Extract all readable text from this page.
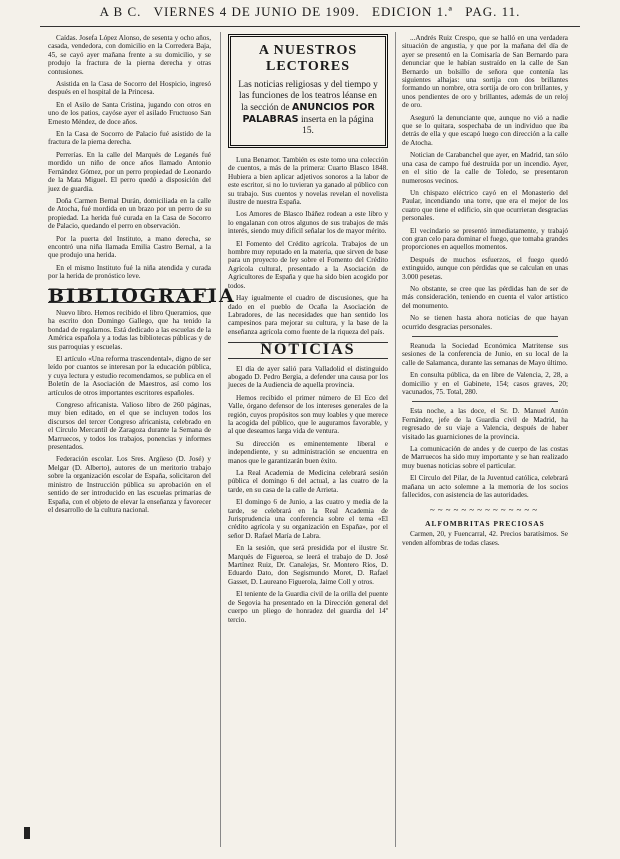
A B C. VIERNES 4 DE JUNIO DE 1909. EDICION 1.ª PAG. 11.

Caídas. Josefa López Alonso, de sesenta y ocho años, casada, vendedora, con domicilio en la Corredera Baja, 45, se cayó ayer mañana frente a su domicilio, y se produjo la fractura de la pierna derecha y otras contusiones.

Asistida en la Casa de Socorro del Hospicio, ingresó después en el hospital de la Princesa.

En el Asilo de Santa Cristina, jugando con otros en uno de los patios, cayóse ayer el asilado Fructuoso San Ernesto Méndez, de doce años.

En la Casa de Socorro de Palacio fué asistido de la fractura de la pierna derecha.

Perrerías. En la calle del Marqués de Leganés fué mordido un niño de once años llamado Antonio Fernández Gómez, por un perro propiedad de Leonardo de la Mata Miguel. El perro quedó a disposición del juez de guardia.

Doña Carmen Bernal Durán, domiciliada en la calle de Atocha, fué mordida en un brazo por un perro de su propiedad. La herida fué curada en la Casa de Socorro de Palacio, quedando el perro en observación.

Por la puerta del Instituto, a mano derecha, se encontró una niña llamada Emilia Castro Bernal, a la que produjo una herida.

En el mismo Instituto fué la niña atendida y curada por la herida de pronóstico leve.

BIBLIOGRAFIA

Nuevo libro. Hemos recibido el libro Queramios, que ha escrito don Domingo Gallego, que ha tenido la bondad de regalarnos. Está dedicado a las escuelas de la América española y a todas las bibliotecas públicas y de sus parroquias y escuelas.

El artículo «Una reforma trascendental», digno de ser leído por cuantos se interesan por la educación pública, y cuya lectura y estudio recomendamos, se publica en el Boletín de la Asociación de Maestros, así como los artículos de otros importantes escritores españoles.

Congreso africanista. Valioso libro de 260 páginas, muy bien editado, en el que se incluyen todos los discursos del tercer Congreso africanista, celebrado en el Círculo Mercantil de Zaragoza durante la Semana de Marruecos, y todos los trabajos, ponencias y informes presentados.

Federación escolar. Los Sres. Argüeso (D. José) y Melgar (D. Alberto), autores de un meritorio trabajo sobre la organización escolar de España, solicitaron del ministro de Instrucción pública su aprobación en el sentido de ser introducido en las escuelas primarias de España, con el objeto de elevar la enseñanza y favorecer el desarrollo de la cultura nacional.

A NUESTROS
LECTORES
Las noticias religiosas y del tiempo y las funciones de los teatros léanse en la sección de ANUNCIOS POR PALABRAS inserta en la página 15.

Luna Benamor. También es este tomo una colección de cuentos, a más de la primera: Cuarto Blasco 1848. Hubiera a bien aplicar adjetivos sonoros a la labor de este escritor, si no lo tuvieran ya ganado al público con su trabajo. Sus cuentos y novelas revelan el novelista ilustre de nuestra España.

Los Amores de Blasco Ibáñez rodean a este libro y lo engalanan con otros algunos de sus trabajos de más interés, siendo muy difícil señalar los de mayor mérito.

El Fomento del Crédito agrícola. Trabajos de un hombre muy reputado en la materia, que sirven de base para un proyecto de ley sobre el Fomento del Crédito Agrícola cultural, presentado a la Asociación de Agricultores de España y que ha sido bien acogido por todos.

Hay igualmente el cuadro de discusiones, que ha dado en el pueblo de Ocaña la Asociación de Labradores, de las necesidades que han sentido los campesinos para mejorar su cultura, y la base de la enseñanza agrícola como fuente de la riqueza del país.

NOTICIAS

El día de ayer salió para Valladolid el distinguido abogado D. Pedro Bergia, a defender una causa por los jueces de la Audiencia de aquella provincia.

Hemos recibido el primer número de El Eco del Valle, órgano defensor de los intereses generales de la región, cuyos propósitos son muy loables y que merece la acogida del público, que le auguramos favorable, y al que deseamos larga vida de ventura.

Su dirección es eminentemente liberal e independiente, y su administración se encuentra en manos que le garantizarán buen éxito.

La Real Academia de Medicina celebrará sesión pública el domingo 6 del actual, a las cuatro de la tarde, en su casa de la calle de Arrieta.

El domingo 6 de Junio, a las cuatro y media de la tarde, se celebrará en la Real Academia de Jurisprudencia una conferencia sobre el tema «El crédito agrícola y su organización en España», por el señor D. Rafael María de Labra.

En la sesión, que será presidida por el ilustre Sr. Marqués de Figueroa, se leerá el trabajo de D. José Martínez Ruiz, Dr. Canalejas, Sr. Montero Ríos, D. Eduardo Dato, don Segismundo Moret, D. Rafael Gasset, D. Laureano Figuerola, Jaime Coll y otros.

El teniente de la Guardia civil de la orilla del puente de Segovia ha presentado en la Dirección general del cuerpo un pliego de honradez del guardia del 14º tercio.

...Andrés Ruiz Crespo, que se halló en una verdadera situación de angustia, y que por la mañana del día de ayer se presentó en la Comisaría de San Bernardo para denunciar que le habían sustraído en la calle de San Bernardo un bolsillo de señora que contenía las siguientes alhajas: una sortija con dos brillantes formando un nombre, otra sortija de oro con brillantes, y unos pendientes de oro y brillantes, además de un reloj de oro.

Aseguró la denunciante que, aunque no vió a nadie que se lo quitara, sospechaba de un individuo que iba detrás de ella y que escapó luego con dirección a la calle de Atocha.

Notician de Carabanchel que ayer, en Madrid, tan sólo una casa de campo fué destruída por un incendio. Ayer, en el sitio de la calle de Toledo, se presentaron numerosos vecinos.

Un chispazo eléctrico cayó en el Monasterio del Paular, incendiando una torre, que era el mejor de los cuatro que tiene el edificio, sin que ocurrieran desgracias personales.

El vecindario se presentó inmediatamente, y trabajó con gran celo para dominar el fuego, que tomaba grandes proporciones en aquellos momentos.

Después de muchos esfuerzos, el fuego quedó extinguido, aunque con pérdidas que se calculan en unas 3.000 pesetas.

No obstante, se cree que las pérdidas han de ser de más consideración, teniendo en cuenta el valor artístico del monumento.

No se tienen hasta ahora noticias de que hayan ocurrido desgracias personales.

Reanuda la Sociedad Económica Matritense sus sesiones de la conferencia de Junio, en su local de la calle de Salamanca, durante las semanas de Mayo último.

En consulta pública, da en libre de Valencia, 2, 28, a domicilio y en el Gabinete, 154; casos graves, 20; vacunados, 75. Total, 280.

Esta noche, a las doce, el Sr. D. Manuel Antón Fernández, jefe de la Guardia civil de Madrid, ha regresado de su viaje a Valencia, después de haber visitado las guarniciones de la provincia.

La comunicación de andes y de cuerpo de las costas de Marruecos ha sido muy importante y se han realizado muy buenas noticias sobre el particular.

El Círculo del Pilar, de la Juventud católica, celebrará mañana un acto solemne a la memoria de los socios fallecidos, con asistencia de las autoridades.

~~~~~~~~~~~~~~
ALFOMBRITAS PRECIOSAS

Carmen, 20, y Fuencarral, 42. Precios baratísimos. Se venden alfombras de todas clases.
